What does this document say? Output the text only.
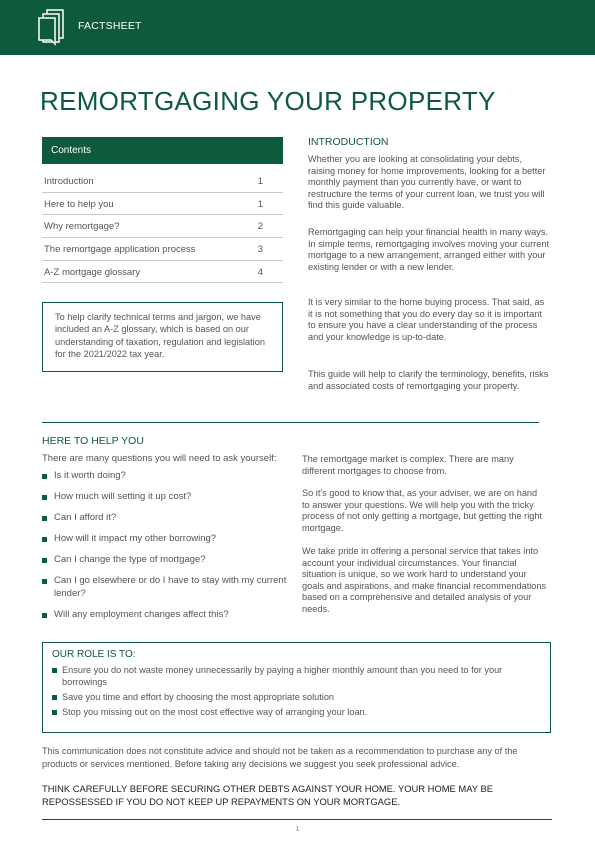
FACTSHEET
REMORTGAGING YOUR PROPERTY
Contents
Introduction	1
Here to help you	1
Why remortgage?	2
The remortgage application process	3
A-Z mortgage glossary	4
To help clarify technical terms and jargon, we have included an A-Z glossary, which is based on our understanding of taxation, regulation and legislation for the 2021/2022 tax year.
INTRODUCTION

Whether you are looking at consolidating your debts, raising money for home improvements, looking for a better monthly payment than you currently have, or want to restructure the terms of your current loan, we trust you will find this guide valuable.

Remortgaging can help your financial health in many ways. In simple terms, remortgaging involves moving your current mortgage to a new arrangement, arranged either with your existing lender or with a new lender.

It is very similar to the home buying process. That said, as it is not something that you do every day so it is important to ensure you have a clear understanding of the process and your knowledge is up-to-date.

This guide will help to clarify the terminology, benefits, risks and associated costs of remortgaging your property.

HERE TO HELP YOU

There are many questions you will need to ask yourself:

Is it worth doing?
How much will setting it up cost?
Can I afford it?
How will it impact my other borrowing?
Can I change the type of mortgage?
Can I go elsewhere or do I have to stay with my current lender?
Will any employment changes affect this?

The remortgage market is complex. There are many different mortgages to choose from.

So it's good to know that, as your adviser, we are on hand to answer your questions. We will help you with the tricky process of not only getting a mortgage, but getting the right mortgage.

We take pride in offering a personal service that takes into account your individual circumstances. Your financial situation is unique, so we work hard to understand your goals and aspirations, and make financial recommendations based on a comprehensive and detailed analysis of your needs.

OUR ROLE IS TO:
Ensure you do not waste money unnecessarily by paying a higher monthly amount than you need to for your borrowings
Save you time and effort by choosing the most appropriate solution
Stop you missing out on the most cost effective way of arranging your loan.

This communication does not constitute advice and should not be taken as a recommendation to purchase any of the products or services mentioned. Before taking any decisions we suggest you seek professional advice.

THINK CAREFULLY BEFORE SECURING OTHER DEBTS AGAINST YOUR HOME. YOUR HOME MAY BE REPOSSESSED IF YOU DO NOT KEEP UP REPAYMENTS ON YOUR MORTGAGE.

1
